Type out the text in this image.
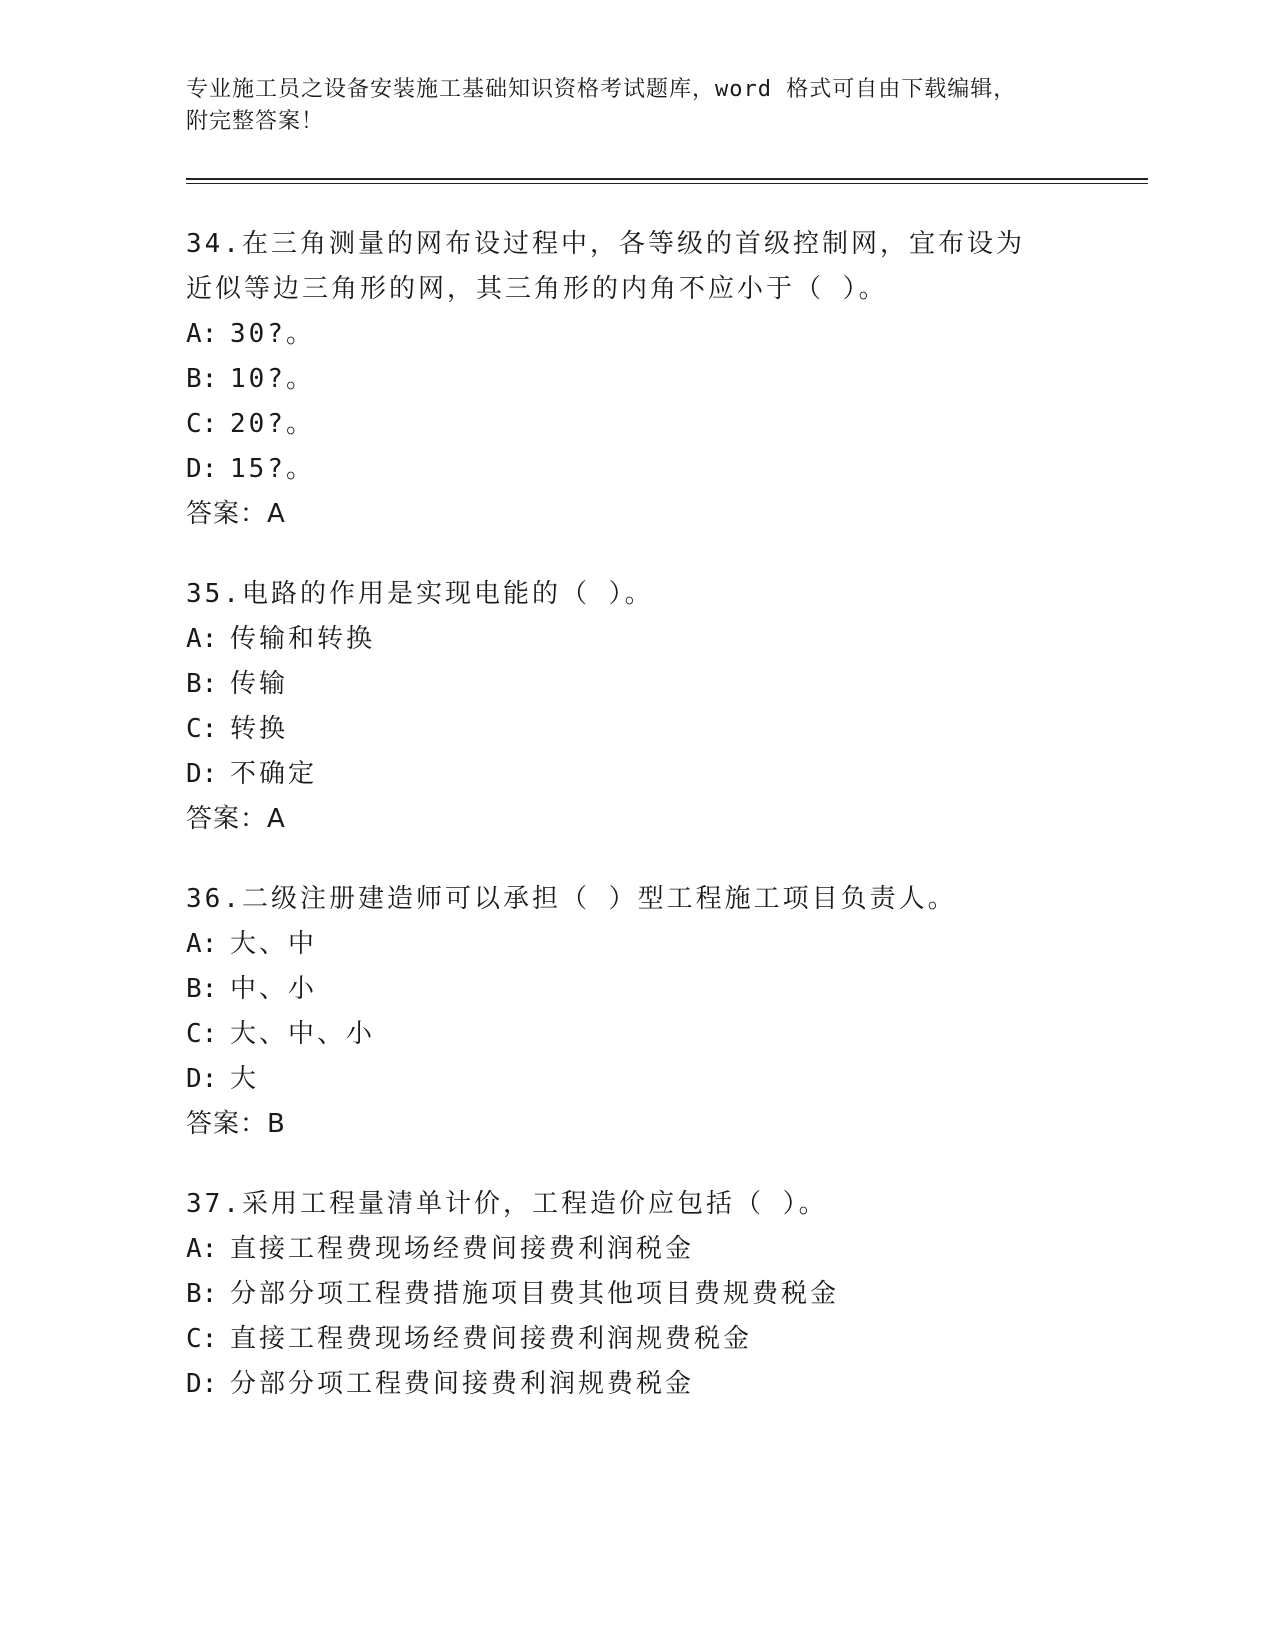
专业施工员之设备安装施工基础知识资格考试题库，word 格式可自由下载编辑，
附完整答案！

34.在三角测量的网布设过程中，各等级的首级控制网，宜布设为近似等边三角形的网，其三角形的内角不应小于（ ）。

A: 30?。

B: 10?。

C: 20?。

D: 15?。

答案：A

35.电路的作用是实现电能的（ ）。

A: 传输和转换

B: 传输

C: 转换

D: 不确定

答案：A

36.二级注册建造师可以承担（ ）型工程施工项目负责人。

A: 大、中

B: 中、小

C: 大、中、小

D: 大

答案：B

37.采用工程量清单计价，工程造价应包括（ ）。

A: 直接工程费现场经费间接费利润税金

B: 分部分项工程费措施项目费其他项目费规费税金

C: 直接工程费现场经费间接费利润规费税金

D: 分部分项工程费间接费利润规费税金
